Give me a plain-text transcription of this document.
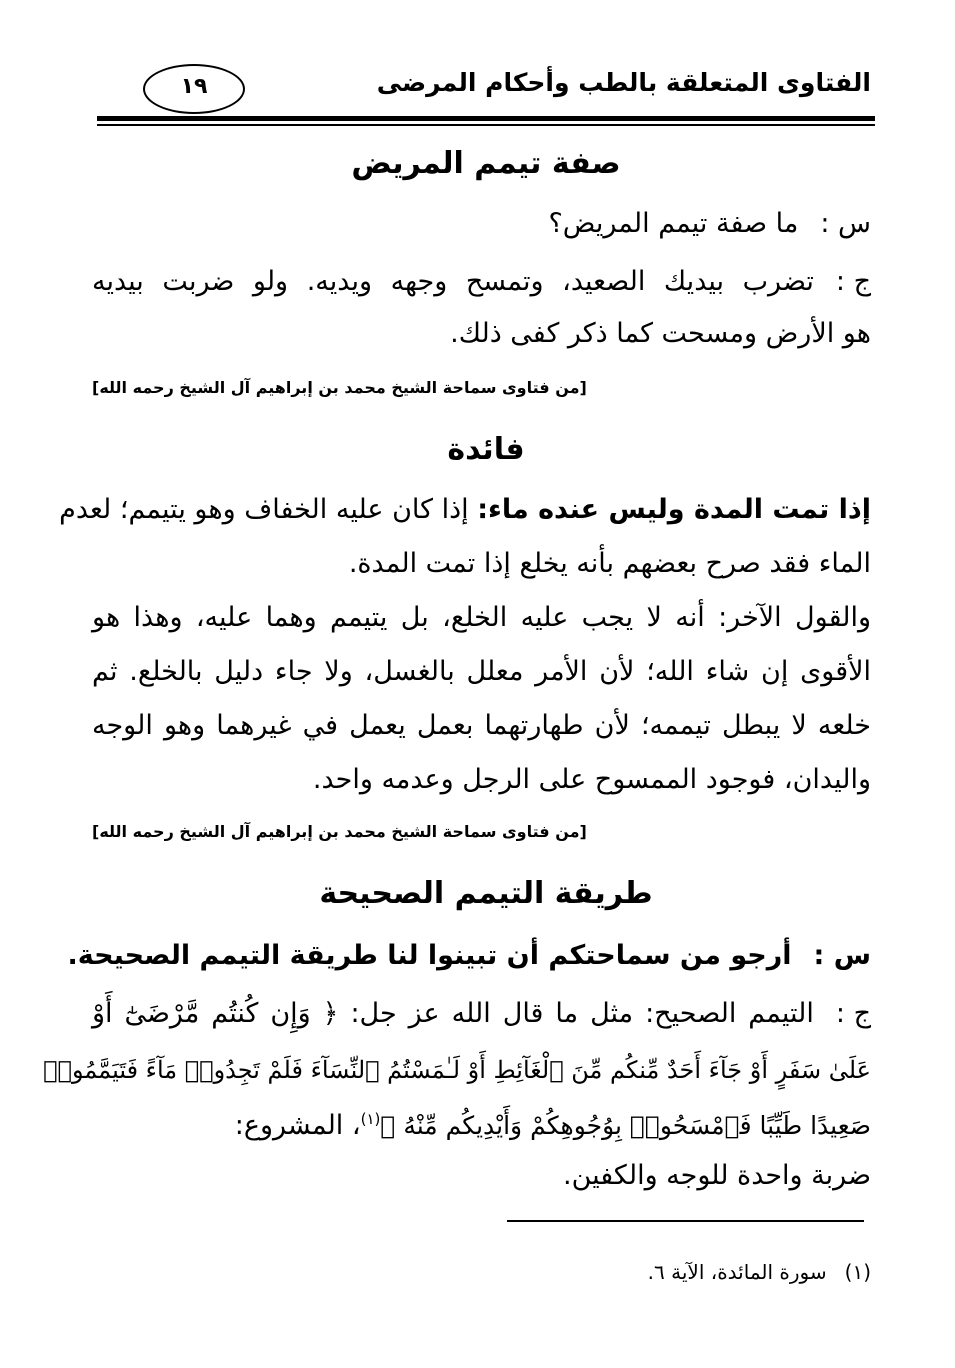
الفتاوى المتعلقة بالطب وأحكام المرضى
١٩
صفة تيمم المريض
س :ما صفة تيمم المريض؟
ج :تضرب بيديك الصعيد، وتمسح وجهه ويديه. ولو ضربت بيديه
هو الأرض ومسحت كما ذكر كفى ذلك.
[من فتاوى سماحة الشيخ محمد بن إبراهيم آل الشيخ رحمه الله]
فائدة
إذا تمت المدة وليس عنده ماء: إذا كان عليه الخفاف وهو يتيمم؛ لعدم
الماء فقد صرح بعضهم بأنه يخلع إذا تمت المدة.
والقول الآخر: أنه لا يجب عليه الخلع، بل يتيمم وهما عليه، وهذا هو
الأقوى إن شاء الله؛ لأن الأمر معلل بالغسل، ولا جاء دليل بالخلع. ثم
خلعه لا يبطل تيممه؛ لأن طهارتهما بعمل يعمل في غيرهما وهو الوجه
واليدان، فوجود الممسوح على الرجل وعدمه واحد.
[من فتاوى سماحة الشيخ محمد بن إبراهيم آل الشيخ رحمه الله]
طريقة التيمم الصحيحة
س :أرجو من سماحتكم أن تبينوا لنا طريقة التيمم الصحيحة.
ج :التيمم الصحيح: مثل ما قال الله عز جل: ﴿ وَإِن كُنتُم مَّرْضَىٰٓ أَوْ
عَلَىٰ سَفَرٍ أَوْ جَآءَ أَحَدٌ مِّنكُم مِّنَ ٱلْغَآئِطِ أَوْ لَـٰمَسْتُمُ ٱلنِّسَآءَ فَلَمْ تَجِدُوا۟ مَآءً فَتَيَمَّمُوا۟
صَعِيدًا طَيِّبًا فَٱمْسَحُوا۟ بِوُجُوهِكُمْ وَأَيْدِيكُم مِّنْهُ ﴾$^{(١)}$، المشروع:
ضربة واحدة للوجه والكفين.
(١)سورة المائدة، الآية ٦.
